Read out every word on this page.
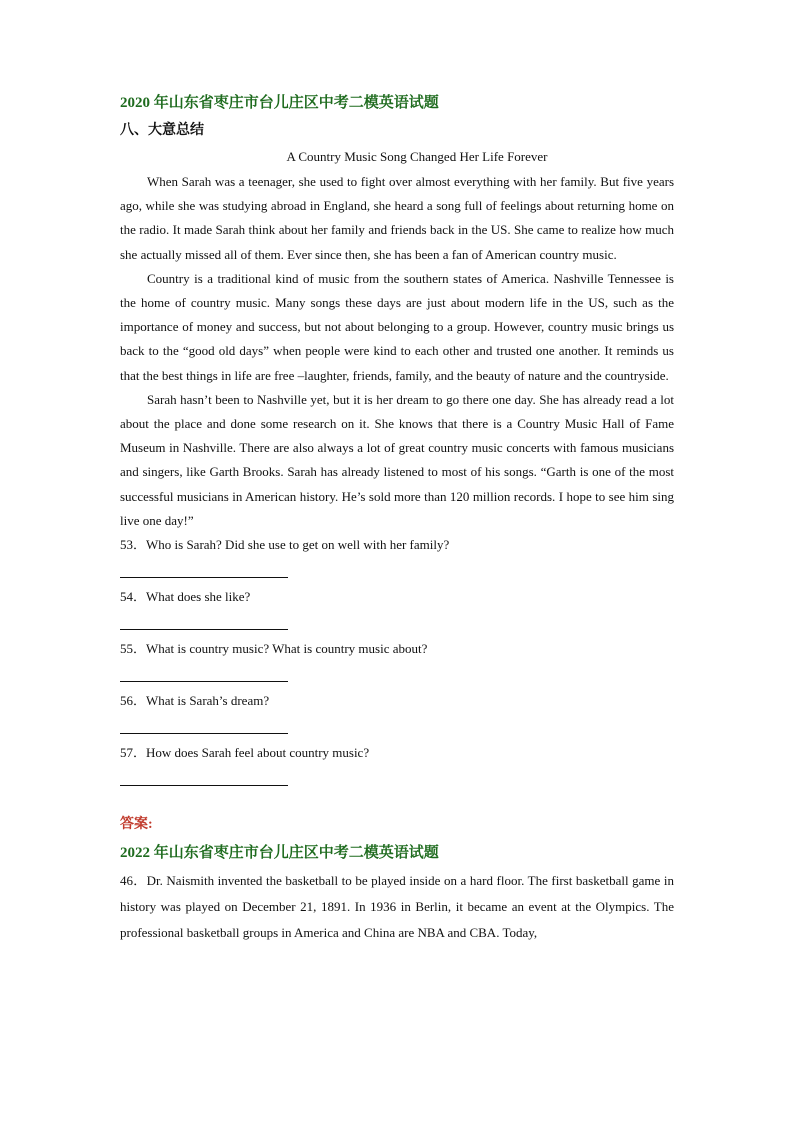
2020 年山东省枣庄市台儿庄区中考二模英语试题
八、大意总结
A Country Music Song Changed Her Life Forever

When Sarah was a teenager, she used to fight over almost everything with her family. But five years ago, while she was studying abroad in England, she heard a song full of feelings about returning home on the radio. It made Sarah think about her family and friends back in the US. She came to realize how much she actually missed all of them. Ever since then, she has been a fan of American country music.

Country is a traditional kind of music from the southern states of America. Nashville Tennessee is the home of country music. Many songs these days are just about modern life in the US, such as the importance of money and success, but not about belonging to a group. However, country music brings us back to the “good old days” when people were kind to each other and trusted one another. It reminds us that the best things in life are free –laughter, friends, family, and the beauty of nature and the countryside.

Sarah hasn’t been to Nashville yet, but it is her dream to go there one day. She has already read a lot about the place and done some research on it. She knows that there is a Country Music Hall of Fame Museum in Nashville. There are also always a lot of great country music concerts with famous musicians and singers, like Garth Brooks. Sarah has already listened to most of his songs. “Garth is one of the most successful musicians in American history. He’s sold more than 120 million records. I hope to see him sing live one day!”

53．Who is Sarah? Did she use to get on well with her family?
54．What does she like?
55．What is country music? What is country music about?
56．What is Sarah’s dream?
57．How does Sarah feel about country music?
答案:
2022 年山东省枣庄市台儿庄区中考二模英语试题

46．Dr. Naismith invented the basketball to be played inside on a hard floor. The first basketball game in history was played on December 21, 1891. In 1936 in Berlin, it became an event at the Olympics. The professional basketball groups in America and China are NBA and CBA. Today,
